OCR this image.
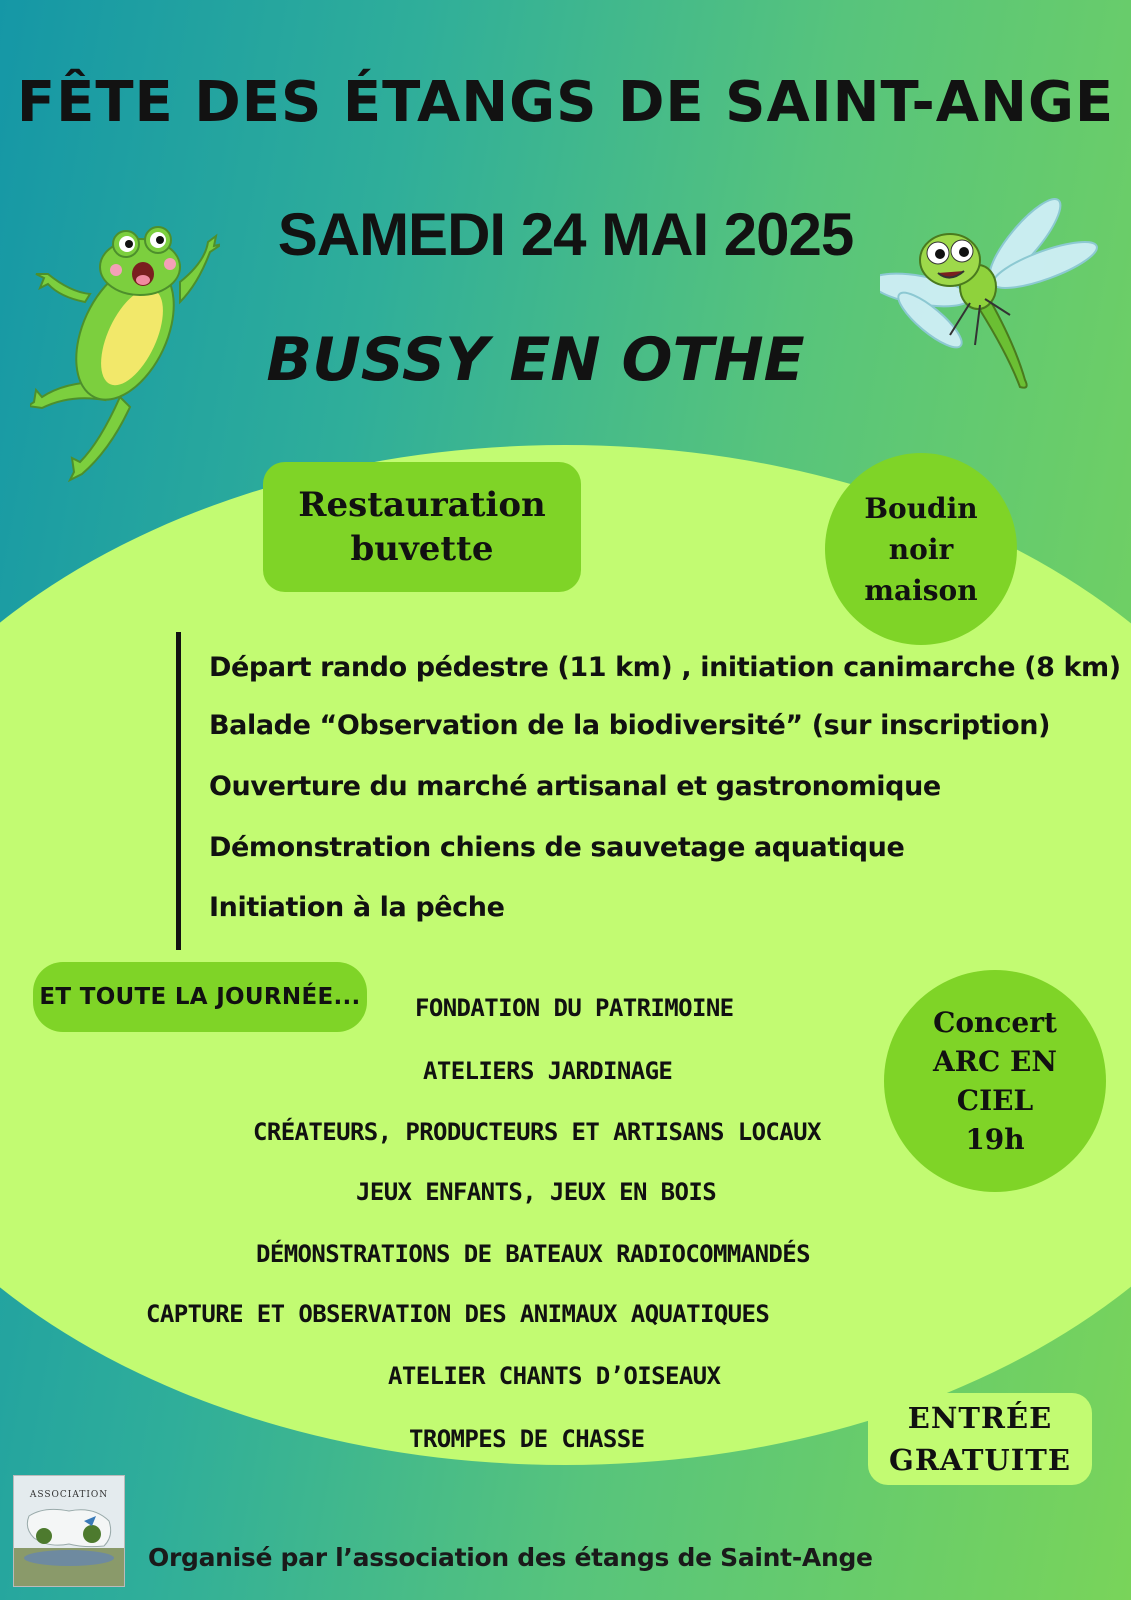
FÊTE DES ÉTANGS DE SAINT-ANGE
SAMEDI 24 MAI 2025
BUSSY EN OTHE
Restauration
buvette
Boudin
noir
maison
Départ rando pédestre (11 km) , initiation canimarche (8 km)
Balade “Observation de la biodiversité” (sur inscription)
Ouverture du marché artisanal et gastronomique
Démonstration chiens de sauvetage aquatique
Initiation à la pêche
ET TOUTE LA JOURNÉE... FONDATION DU PATRIMOINE
ATELIERS JARDINAGE
CRÉATEURS, PRODUCTEURS ET ARTISANS LOCAUX
JEUX ENFANTS, JEUX EN BOIS
DÉMONSTRATIONS DE BATEAUX RADIOCOMMANDÉS
CAPTURE ET OBSERVATION DES ANIMAUX AQUATIQUES
ATELIER CHANTS D’OISEAUX
TROMPES DE CHASSE
Concert
ARC EN
CIEL
19h
ENTRÉE
GRATUITE
ASSOCIATION
Organisé par l’association des étangs de Saint-Ange
